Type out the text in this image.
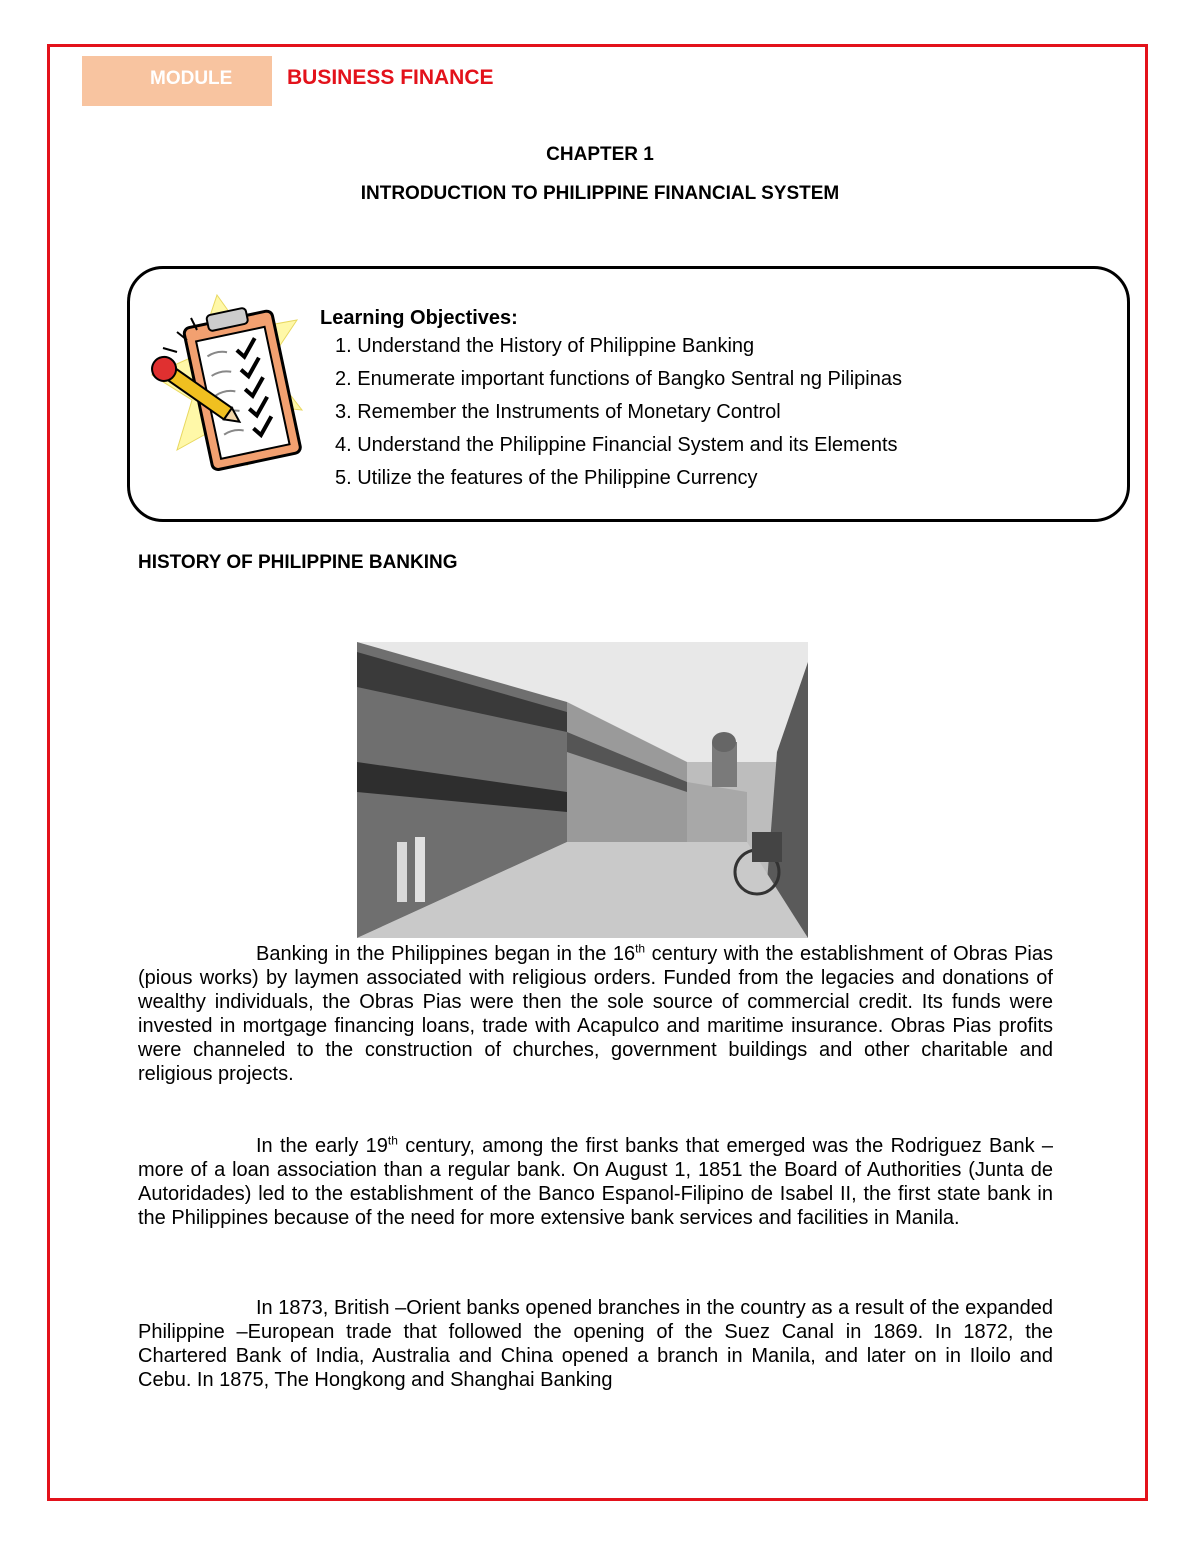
MODULE	BUSINESS FINANCE
CHAPTER 1
INTRODUCTION TO PHILIPPINE FINANCIAL SYSTEM
Learning Objectives:
1. Understand the History of Philippine Banking
2. Enumerate important functions of Bangko Sentral ng Pilipinas
3. Remember the Instruments of Monetary Control
4. Understand the Philippine Financial System and its Elements
5. Utilize the features of the Philippine Currency
HISTORY OF PHILIPPINE BANKING

Banking in the Philippines began in the 16th century with the establishment of Obras Pias (pious works) by laymen associated with religious orders. Funded from the legacies and donations of wealthy individuals, the Obras Pias were then the sole source of commercial credit. Its funds were invested in mortgage financing loans, trade with Acapulco and maritime insurance. Obras Pias profits were channeled to the construction of churches, government buildings and other charitable and religious projects.

In the early 19th century, among the first banks that emerged was the Rodriguez Bank – more of a loan association than a regular bank. On August 1, 1851 the Board of Authorities (Junta de Autoridades) led to the establishment of the Banco Espanol-Filipino de Isabel II, the first state bank in the Philippines because of the need for more extensive bank services and facilities in Manila.

In 1873, British –Orient banks opened branches in the country as a result of the expanded Philippine –European trade that followed the opening of the Suez Canal in 1869. In 1872, the Chartered Bank of India, Australia and China opened a branch in Manila, and later on in Iloilo and Cebu. In 1875, The Hongkong and Shanghai Banking
